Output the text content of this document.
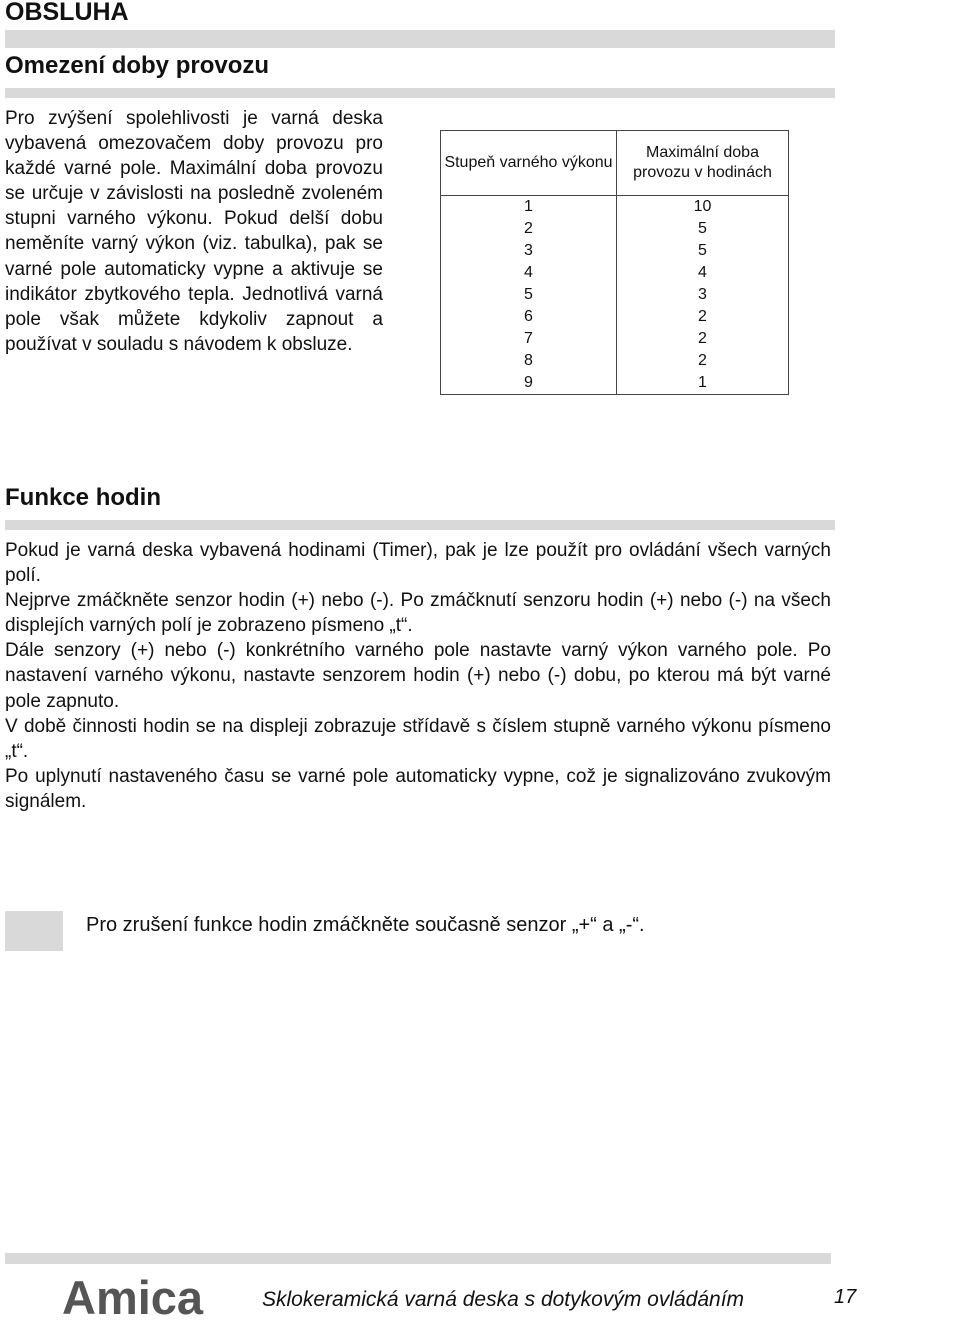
OBSLUHA
Omezení doby provozu

Pro zvýšení spolehlivosti je varná deska vybavená omezovačem doby provozu pro každé varné pole. Maximální doba provozu se určuje v závislosti na posledně zvoleném stupni varného výkonu. Pokud delší dobu neměníte varný výkon (viz. tabulka), pak se varné pole automaticky vypne a aktivuje se indikátor zbytkového tepla. Jednotlivá varná pole však můžete kdykoliv zapnout a používat v souladu s návodem k obsluze.

Stupeň varného výkonu	Maximální doba provozu v hodinách
1	10
2	5
3	5
4	4
5	3
6	2
7	2
8	2
9	1
Funkce hodin

Pokud je varná deska vybavená hodinami (Timer), pak je lze použít pro ovládání všech varných polí.

Nejprve zmáčkněte senzor hodin (+) nebo (-). Po zmáčknutí senzoru hodin (+) nebo (-) na všech displejích varných polí je zobrazeno písmeno „t“.

Dále senzory (+) nebo (-) konkrétního varného pole nastavte varný výkon varného pole. Po nastavení varného výkonu, nastavte senzorem hodin (+) nebo (-) dobu, po kterou má být varné pole zapnuto.

V době činnosti hodin se na displeji zobrazuje střídavě s číslem stupně varného výkonu písmeno „t“.

Po uplynutí nastaveného času se varné pole automaticky vypne, což je signalizováno zvukovým signálem.

Pro zrušení funkce hodin zmáčkněte současně senzor „+“ a „-“.
Amica	Sklokeramická varná deska s dotykovým ovládáním	17
